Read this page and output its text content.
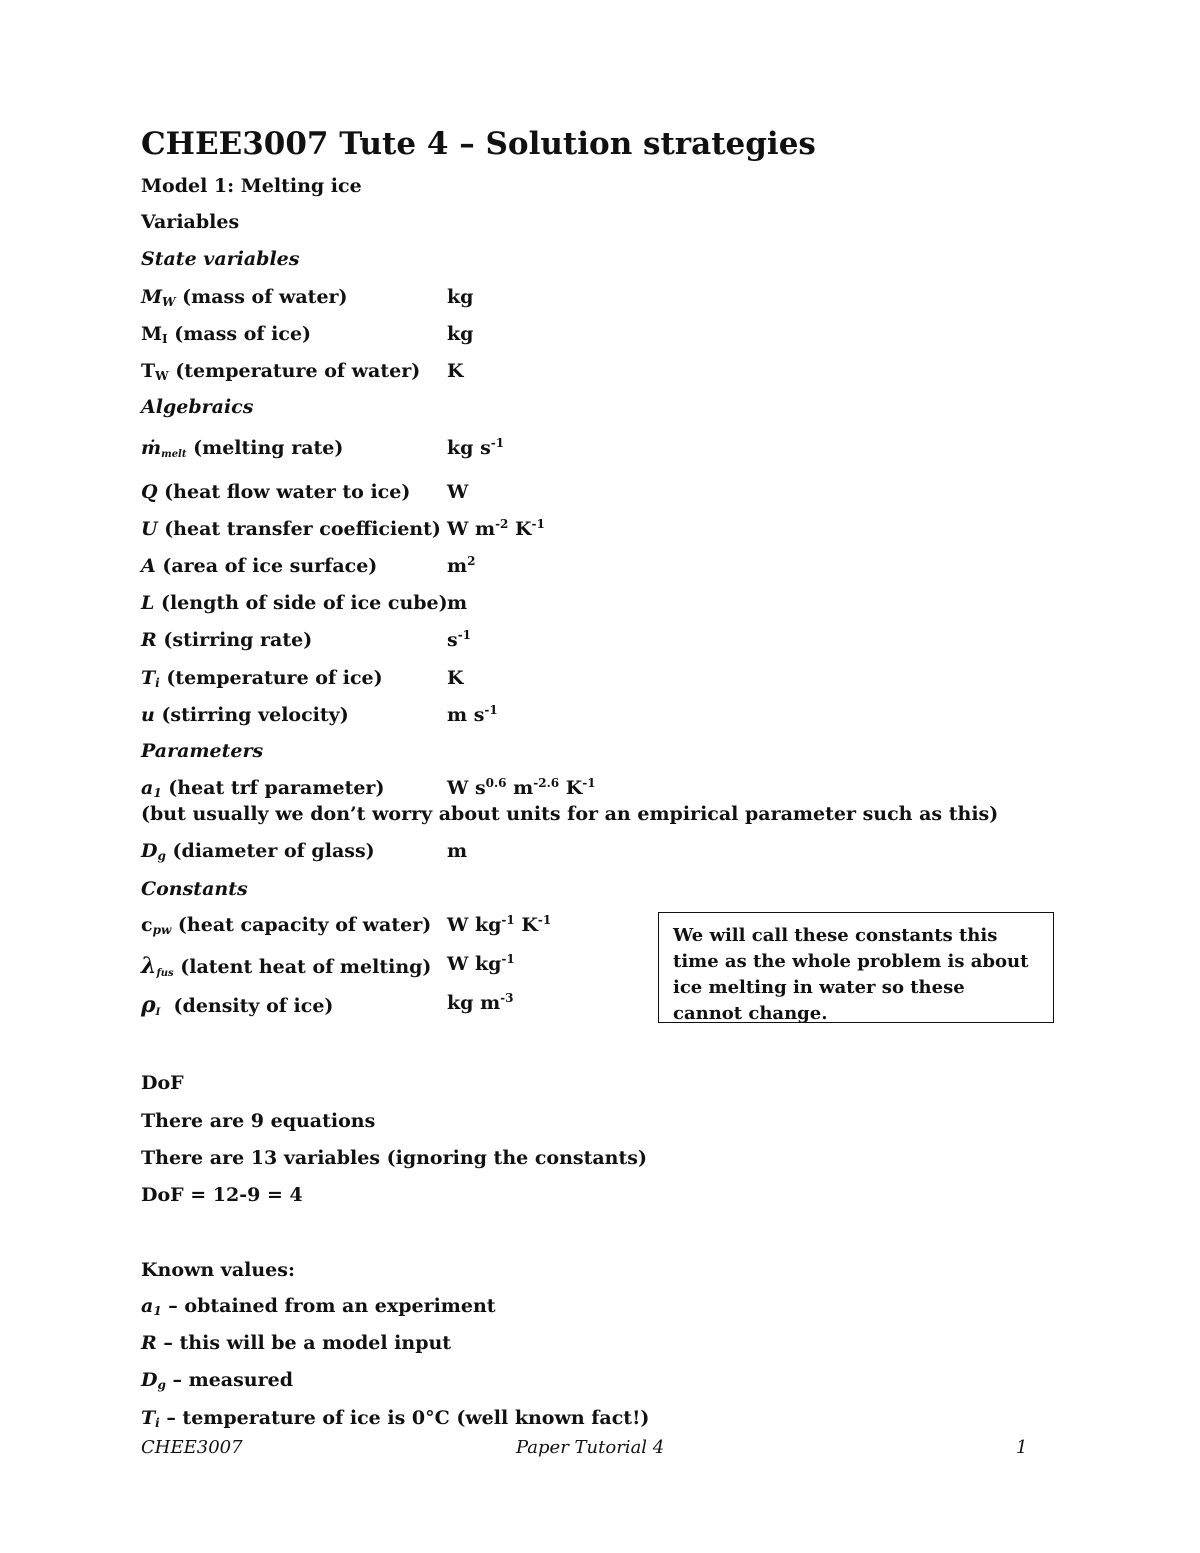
CHEE3007 Tute 4 – Solution strategies
Model 1: Melting ice
Variables
State variables
$M_W$ (mass of water)	kg
$M_I$ (mass of ice)	kg
$T_W$ (temperature of water) K
Algebraics
ṁ$_{melt}$ (melting rate)	kg $s^{-1}$
Q (heat flow water to ice) W
U (heat transfer coefficient) W $m^{-2}$ $K^{-1}$
A (area of ice surface)	$m^2$
L (length of side of ice cube) m
R (stirring rate)	$s^{-1}$
$T_i$ (temperature of ice)	K
u (stirring velocity)	m $s^{-1}$
Parameters
$a_1$ (heat trf parameter)	W $s^{0.6}$ $m^{-2.6}$ $K^{-1}$
(but usually we don’t worry about units for an empirical parameter such as this)
$D_g$ (diameter of glass)	m
Constants
$c_{pw}$ (heat capacity of water) W $kg^{-1}$ $K^{-1}$
$\lambda_{fus}$ (latent heat of melting) W $kg^{-1}$
$\rho_I$  (density of ice)	kg $m^{-3}$
We will call these constants this time as the whole problem is about ice melting in water so these cannot change.
DoF
There are 9 equations
There are 13 variables (ignoring the constants)
DoF = 12-9 = 4
Known values:
$a_1$ – obtained from an experiment
R – this will be a model input
$D_g$ – measured
$T_i$ – temperature of ice is 0°C (well known fact!)
CHEE3007	Paper Tutorial 4	1
